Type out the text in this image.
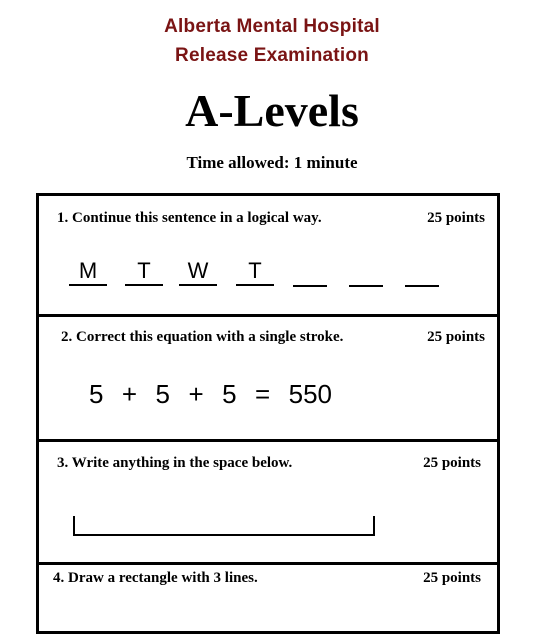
Alberta Mental Hospital
Release Examination
A-Levels
Time allowed: 1 minute
1. Continue this sentence in a logical way.	25 points
M	T	W	T
2. Correct this equation with a single stroke.	25 points
5  +  5  +  5  =  550
3. Write anything in the space below.	25 points
4. Draw a rectangle with 3 lines.	25 points
